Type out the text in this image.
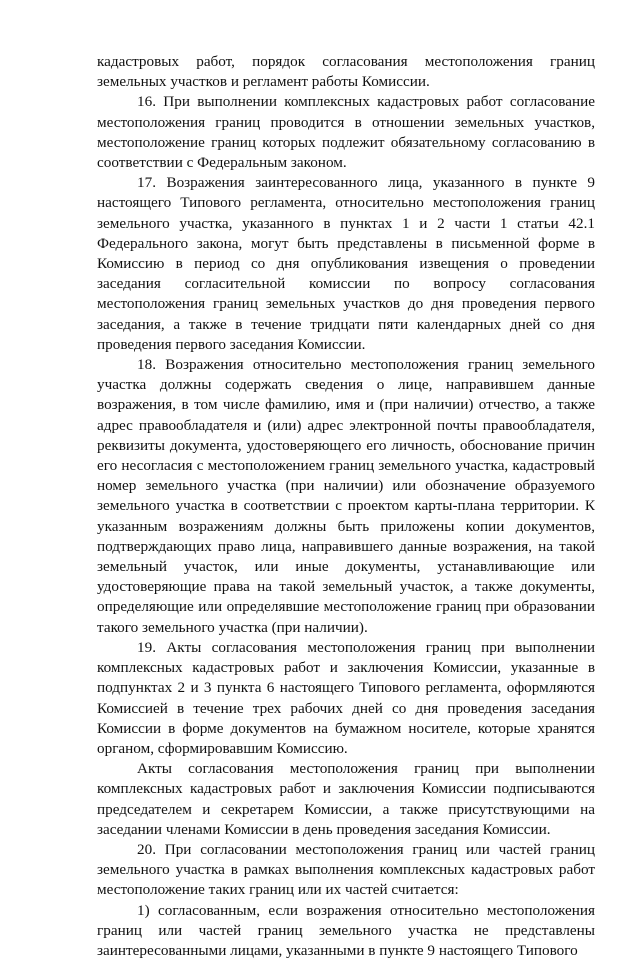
кадастровых работ, порядок согласования местоположения границ земельных участков и регламент работы Комиссии.

16. При выполнении комплексных кадастровых работ согласование местоположения границ проводится в отношении земельных участков, местоположение границ которых подлежит обязательному согласованию в соответствии с Федеральным законом.

17. Возражения заинтересованного лица, указанного в пункте 9 настоящего Типового регламента, относительно местоположения границ земельного участка, указанного в пунктах 1 и 2 части 1 статьи 42.1 Федерального закона, могут быть представлены в письменной форме в Комиссию в период со дня опубликования извещения о проведении заседания согласительной комиссии по вопросу согласования местоположения границ земельных участков до дня проведения первого заседания, а также в течение тридцати пяти календарных дней со дня проведения первого заседания Комиссии.

18. Возражения относительно местоположения границ земельного участка должны содержать сведения о лице, направившем данные возражения, в том числе фамилию, имя и (при наличии) отчество, а также адрес правообладателя и (или) адрес электронной почты правообладателя, реквизиты документа, удостоверяющего его личность, обоснование причин его несогласия с местоположением границ земельного участка, кадастровый номер земельного участка (при наличии) или обозначение образуемого земельного участка в соответствии с проектом карты-плана территории. К указанным возражениям должны быть приложены копии документов, подтверждающих право лица, направившего данные возражения, на такой земельный участок, или иные документы, устанавливающие или удостоверяющие права на такой земельный участок, а также документы, определяющие или определявшие местоположение границ при образовании такого земельного участка (при наличии).

19. Акты согласования местоположения границ при выполнении комплексных кадастровых работ и заключения Комиссии, указанные в подпунктах 2 и 3 пункта 6 настоящего Типового регламента, оформляются Комиссией в течение трех рабочих дней со дня проведения заседания Комиссии в форме документов на бумажном носителе, которые хранятся органом, сформировавшим Комиссию.

Акты согласования местоположения границ при выполнении комплексных кадастровых работ и заключения Комиссии подписываются председателем и секретарем Комиссии, а также присутствующими на заседании членами Комиссии в день проведения заседания Комиссии.

20. При согласовании местоположения границ или частей границ земельного участка в рамках выполнения комплексных кадастровых работ местоположение таких границ или их частей считается:

1) согласованным, если возражения относительно местоположения границ или частей границ земельного участка не представлены заинтересованными лицами, указанными в пункте 9 настоящего Типового
